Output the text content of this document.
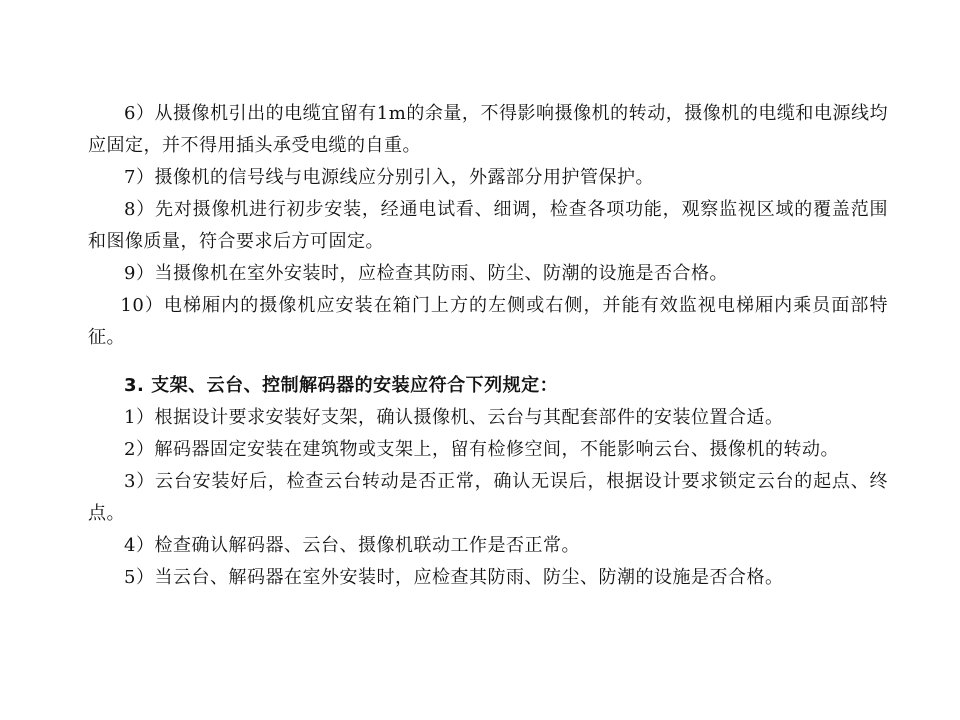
6）从摄像机引出的电缆宜留有1m的余量，不得影响摄像机的转动，摄像机的电缆和电源线均应固定，并不得用插头承受电缆的自重。

7）摄像机的信号线与电源线应分别引入，外露部分用护管保护。

8）先对摄像机进行初步安装，经通电试看、细调，检查各项功能，观察监视区域的覆盖范围和图像质量，符合要求后方可固定。

9）当摄像机在室外安装时，应检查其防雨、防尘、防潮的设施是否合格。

10）电梯厢内的摄像机应安装在箱门上方的左侧或右侧，并能有效监视电梯厢内乘员面部特征。

3. 支架、云台、控制解码器的安装应符合下列规定：

1）根据设计要求安装好支架，确认摄像机、云台与其配套部件的安装位置合适。

2）解码器固定安装在建筑物或支架上，留有检修空间，不能影响云台、摄像机的转动。

3）云台安装好后，检查云台转动是否正常，确认无误后，根据设计要求锁定云台的起点、终点。

4）检查确认解码器、云台、摄像机联动工作是否正常。

5）当云台、解码器在室外安装时，应检查其防雨、防尘、防潮的设施是否合格。
